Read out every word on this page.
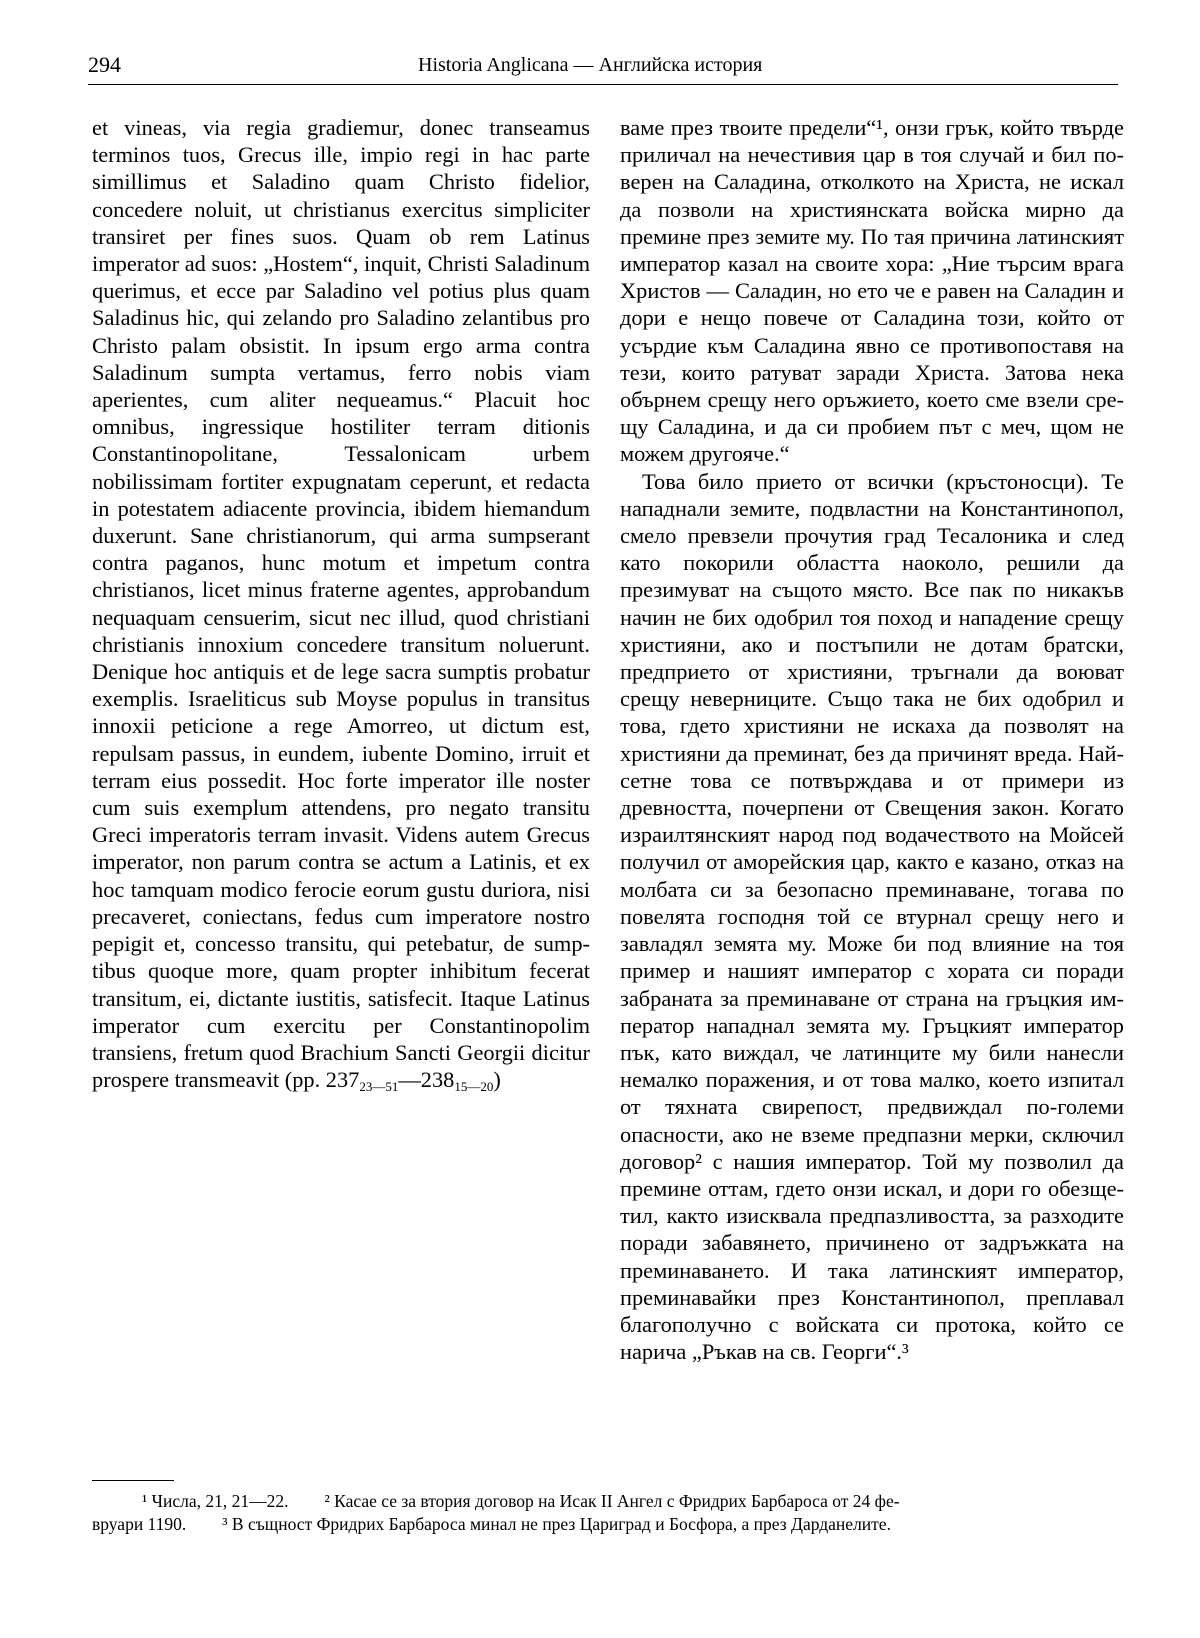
294	Historia Anglicana — Английска история

et vineas, via regia gradiemur, donec transeamus terminos tuos, Grecus ille, impio regi in hac parte simillimus et Saladino quam Christo fidelior, concedere noluit, ut christianus exercitus simpliciter transiret per fines suos. Quam ob rem Latinus imperator ad suos: „Hostem“, inquit, Christi Saladinum querimus, et ecce par Saladino vel potius plus quam Saladinus hic, qui zelando pro Saladino zelantibus pro Christo palam obsistit. In ipsum ergo arma contra Saladinum sumpta vertamus, ferro nobis viam aperientes, cum aliter nequeamus.“ Placuit hoc omnibus, ingressique hostiliter terram ditionis Constantinopolitane, Tessalonicam urbem nobilissimam fortiter expugnatam ceperunt, et redacta in potestatem adiacente provincia, ibidem hiemandum duxerunt. Sane christianorum, qui arma sumpserant contra paganos, hunc motum et impetum contra christianos, licet minus fraterne agentes, approbandum nequaquam censuerim, sicut nec illud, quod christiani christianis innoxium concedere transitum noluerunt. Denique hoc antiquis et de lege sacra sumptis probatur exemplis. Israeliticus sub Moyse populus in transitus innoxii peticione a rege Amorreo, ut dictum est, repulsam passus, in eundem, iubente Domino, irruit et terram eius possedit. Hoc forte imperator ille noster cum suis exemplum attendens, pro negato transitu Greci imperatoris terram invasit. Videns autem Grecus imperator, non parum contra se actum a Latinis, et ex hoc tamquam modico ferocie eorum gustu duriora, nisi precaveret, coniectans, fedus cum imperatore nostro pepigit et, concesso transitu, qui petebatur, de sumptibus quoque more, quam propter inhibitum fecerat transitum, ei, dictante iustitis, satisfecit. Itaque Latinus imperator cum exercitu per Constantinopolim transiens, fretum quod Brachium Sancti Georgii dicitur prospere transmeavit (pp. $237_{23—51}—238_{15—20}$)

ваме през твоите предели“¹, онзи грък, който твърде приличал на нечестивия цар в тоя случай и бил по-верен на Саладина, отколкото на Христа, не искал да позволи на християнската войска мирно да премине през земите му. По тая причина латинският император казал на своите хора: „Ние търсим врага Христов — Саладин, но ето че е равен на Саладин и дори е нещо повече от Саладина този, който от усърдие към Саладина явно се противопоставя на тези, които ратуват заради Христа. Затова нека обърнем срещу него оръжието, което сме взели срещу Саладина, и да си пробием път с меч, щом не можем другояче.“

Това било прието от всички (кръстоносци). Те нападнали земите, подвластни на Константинопол, смело превзели прочутия град Тесалоника и след като покорили областта наоколо, решили да презимуват на същото място. Все пак по никакъв начин не бих одобрил тоя поход и нападение срещу християни, ако и постъпили не дотам братски, предприето от християни, тръгнали да воюват срещу неверниците. Също така не бих одобрил и това, гдето християни не искаха да позволят на християни да преминат, без да причинят вреда. Най-сетне това се потвърждава и от примери из древността, почерпени от Свещения закон. Когато израилтянският народ под водачеството на Мойсей получил от аморейския цар, както е казано, отказ на молбата си за безопасно преминаване, тогава по повелята господня той се втурнал срещу него и завладял земята му. Може би под влияние на тоя пример и нашият император с хората си поради забраната за преминаване от страна на гръцкия император нападнал земята му. Гръцкият император пък, като виждал, че латинците му били нанесли немалко поражения, и от това малко, което изпитал от тяхната свирепост, предвиждал по-големи опасности, ако не вземе предпазни мерки, сключил договор² с нашия император. Той му позволил да премине оттам, гдето онзи искал, и дори го обезщетил, както изисквала предпазливостта, за разходите поради забавянето, причинено от задръжката на преминаването. И така латинският император, преминавайки през Константинопол, преплавал благополучно с войската си протока, който се нарича „Ръкав на св. Георги“.³

¹ Числа, 21, 21—22. ² Касае се за втория договор на Исак II Ангел с Фридрих Барбароса от 24 фе-
вруари 1190. ³ В същност Фридрих Барбароса минал не през Цариград и Босфора, а през Дарданелите.
